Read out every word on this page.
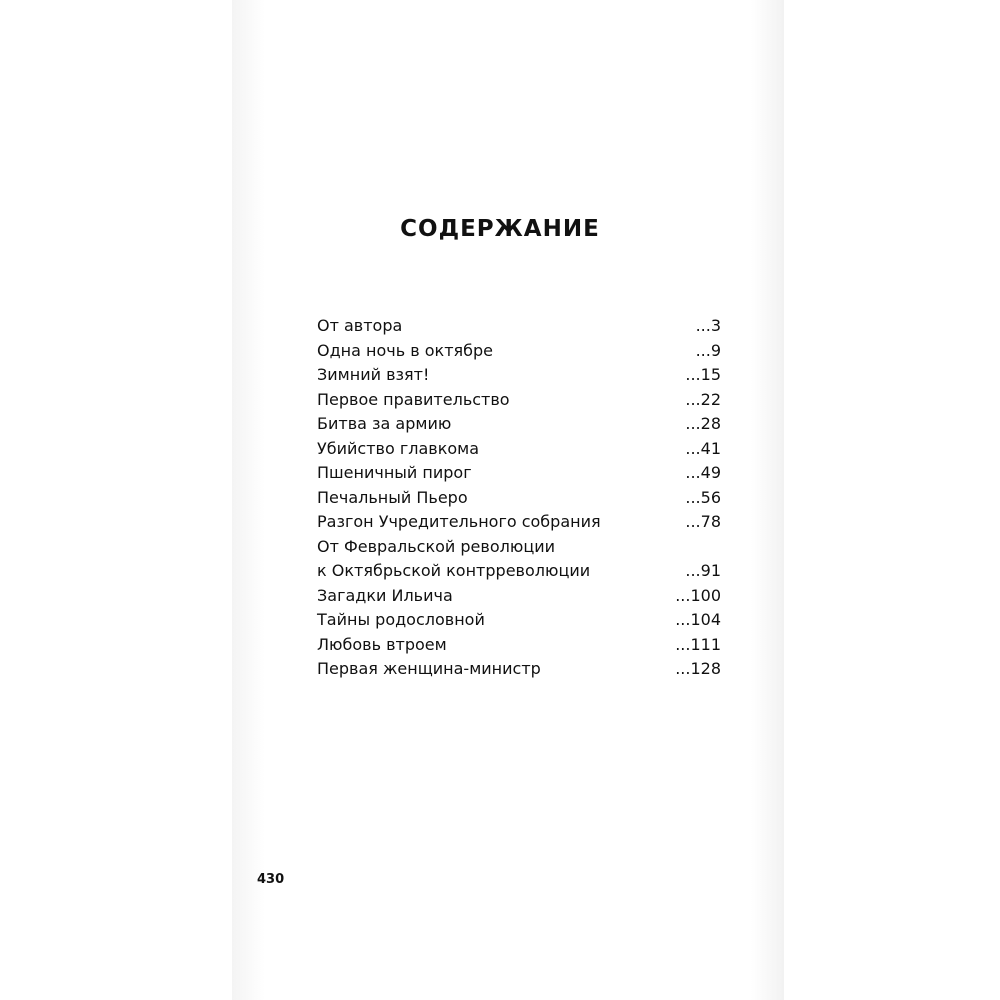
СОДЕРЖАНИЕ
От автора	...3
Одна ночь в октябре	...9
Зимний взят!	...15
Первое правительство	...22
Битва за армию	...28
Убийство главкома	...41
Пшеничный пирог	...49
Печальный Пьеро	...56
Разгон Учредительного собрания	...78
От Февральской революции
к Октябрьской контрреволюции	...91
Загадки Ильича	...100
Тайны родословной	...104
Любовь втроем	...111
Первая женщина-министр	...128
430
